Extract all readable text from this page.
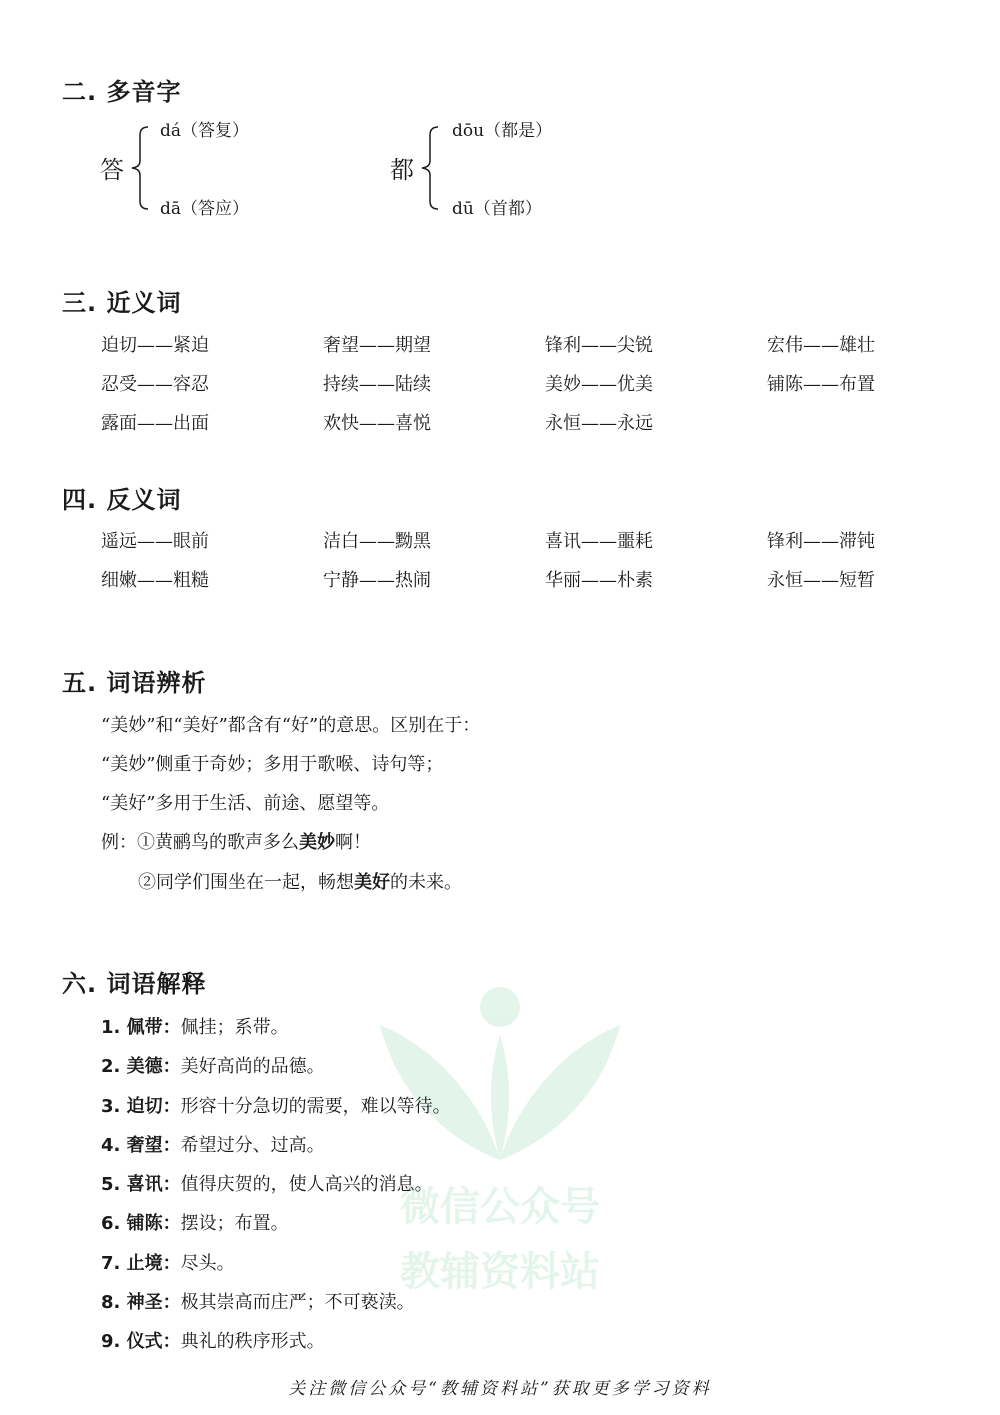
二. 多音字
答
dá（答复）
dā（答应）
都
dōu（都是）
dū（首都）
三. 近义词
迫切——紧迫	奢望——期望	锋利——尖锐	宏伟——雄壮
忍受——容忍	持续——陆续	美妙——优美	铺陈——布置
露面——出面	欢快——喜悦	永恒——永远
四. 反义词
遥远——眼前	洁白——黝黑	喜讯——噩耗	锋利——滞钝
细嫩——粗糙	宁静——热闹	华丽——朴素	永恒——短暂
五. 词语辨析
“美妙”和“美好”都含有“好”的意思。区别在于：
“美妙”侧重于奇妙；多用于歌喉、诗句等；
“美好”多用于生活、前途、愿望等。
例：①黄鹂鸟的歌声多么美妙啊！
②同学们围坐在一起，畅想美好的未来。
微信公众号
教辅资料站
六. 词语解释
1. 佩带：佩挂；系带。
2. 美德：美好高尚的品德。
3. 迫切：形容十分急切的需要，难以等待。
4. 奢望：希望过分、过高。
5. 喜讯：值得庆贺的，使人高兴的消息。
6. 铺陈：摆设；布置。
7. 止境：尽头。
8. 神圣：极其崇高而庄严；不可亵渎。
9. 仪式：典礼的秩序形式。
关注微信公众号“教辅资料站”获取更多学习资料
